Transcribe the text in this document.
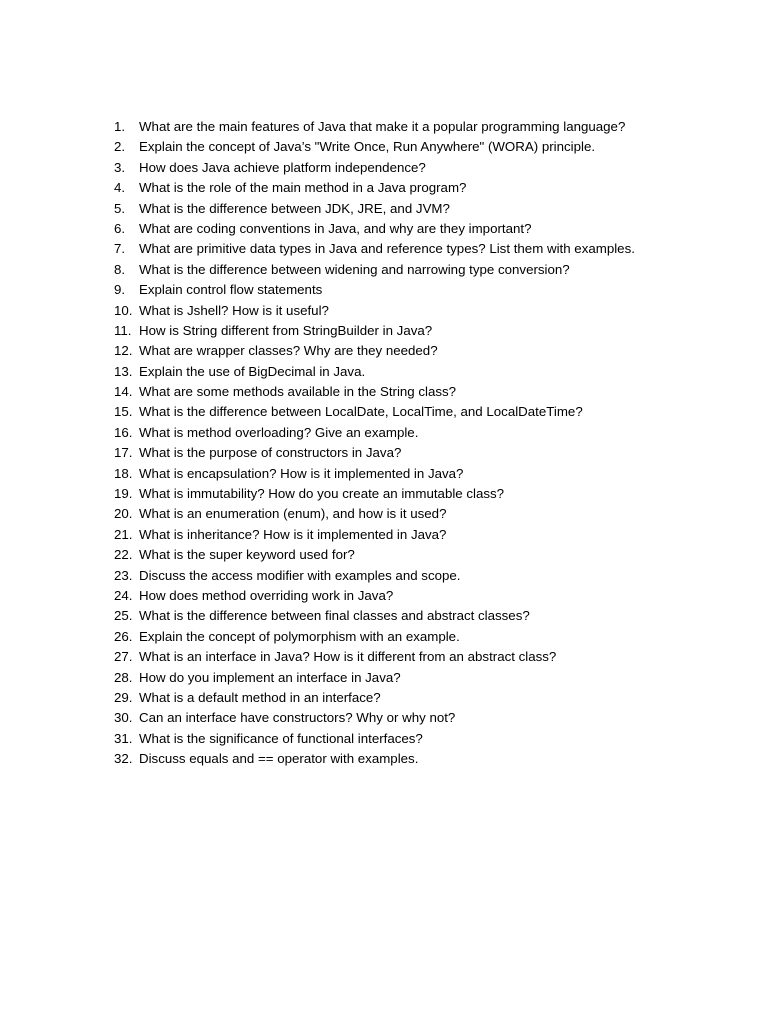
1.	What are the main features of Java that make it a popular programming language?
2.	Explain the concept of Java’s "Write Once, Run Anywhere" (WORA) principle.
3.	How does Java achieve platform independence?
4.	What is the role of the main method in a Java program?
5.	What is the difference between JDK, JRE, and JVM?
6.	What are coding conventions in Java, and why are they important?
7.	What are primitive data types in Java and reference types? List them with examples.
8.	What is the difference between widening and narrowing type conversion?
9.	Explain control flow statements
10. What is Jshell? How is it useful?
11. How is String different from StringBuilder in Java?
12. What are wrapper classes? Why are they needed?
13. Explain the use of BigDecimal in Java.
14. What are some methods available in the String class?
15. What is the difference between LocalDate, LocalTime, and LocalDateTime?
16. What is method overloading? Give an example.
17. What is the purpose of constructors in Java?
18. What is encapsulation? How is it implemented in Java?
19. What is immutability? How do you create an immutable class?
20. What is an enumeration (enum), and how is it used?
21. What is inheritance? How is it implemented in Java?
22. What is the super keyword used for?
23. Discuss the access modifier with examples and scope.
24. How does method overriding work in Java?
25. What is the difference between final classes and abstract classes?
26. Explain the concept of polymorphism with an example.
27. What is an interface in Java? How is it different from an abstract class?
28. How do you implement an interface in Java?
29. What is a default method in an interface?
30. Can an interface have constructors? Why or why not?
31. What is the significance of functional interfaces?
32. Discuss equals and == operator with examples.
